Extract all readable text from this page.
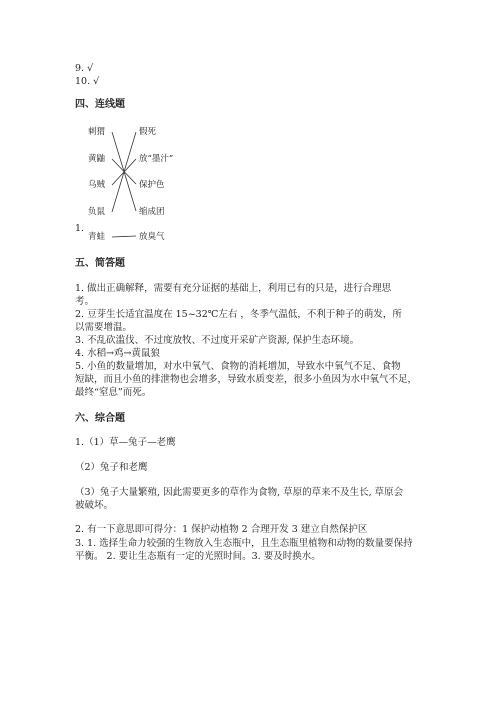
9. √
10. √
四、连线题
刺猬
黄鼬
乌贼
负鼠
青蛙
假死
放“墨汁”
保护色
缩成团
放臭气
1.
五、简答题
1. 做出正确解释，需要有充分证据的基础上，利用已有的只是，进行合理思
考。
2. 豆芽生长适宜温度在 15~32℃左右 ，冬季气温低，不利于种子的萌发，所
以需要增温。
3. 不乱砍滥伐、不过度放牧、不过度开采矿产资源, 保护生态环境。
4. 水稻→鸡→黄鼠狼
5. 小鱼的数量增加，对水中氧气、食物的消耗增加，导致水中氧气不足、食物
短缺，而且小鱼的排泄物也会增多，导致水质变差，很多小鱼因为水中氧气不足，最终“窒息”而死。
六、综合题
1.（1）草—兔子—老鹰
（2）兔子和老鹰
（3）兔子大量繁殖, 因此需要更多的草作为食物, 草原的草来不及生长, 草原会
被破坏。
2. 有一下意思即可得分：1 保护动植物 2 合理开发 3 建立自然保护区
3. 1. 选择生命力较强的生物放入生态瓶中，且生态瓶里植物和动物的数量要保持
平衡。 2. 要让生态瓶有一定的光照时间。3. 要及时换水。
